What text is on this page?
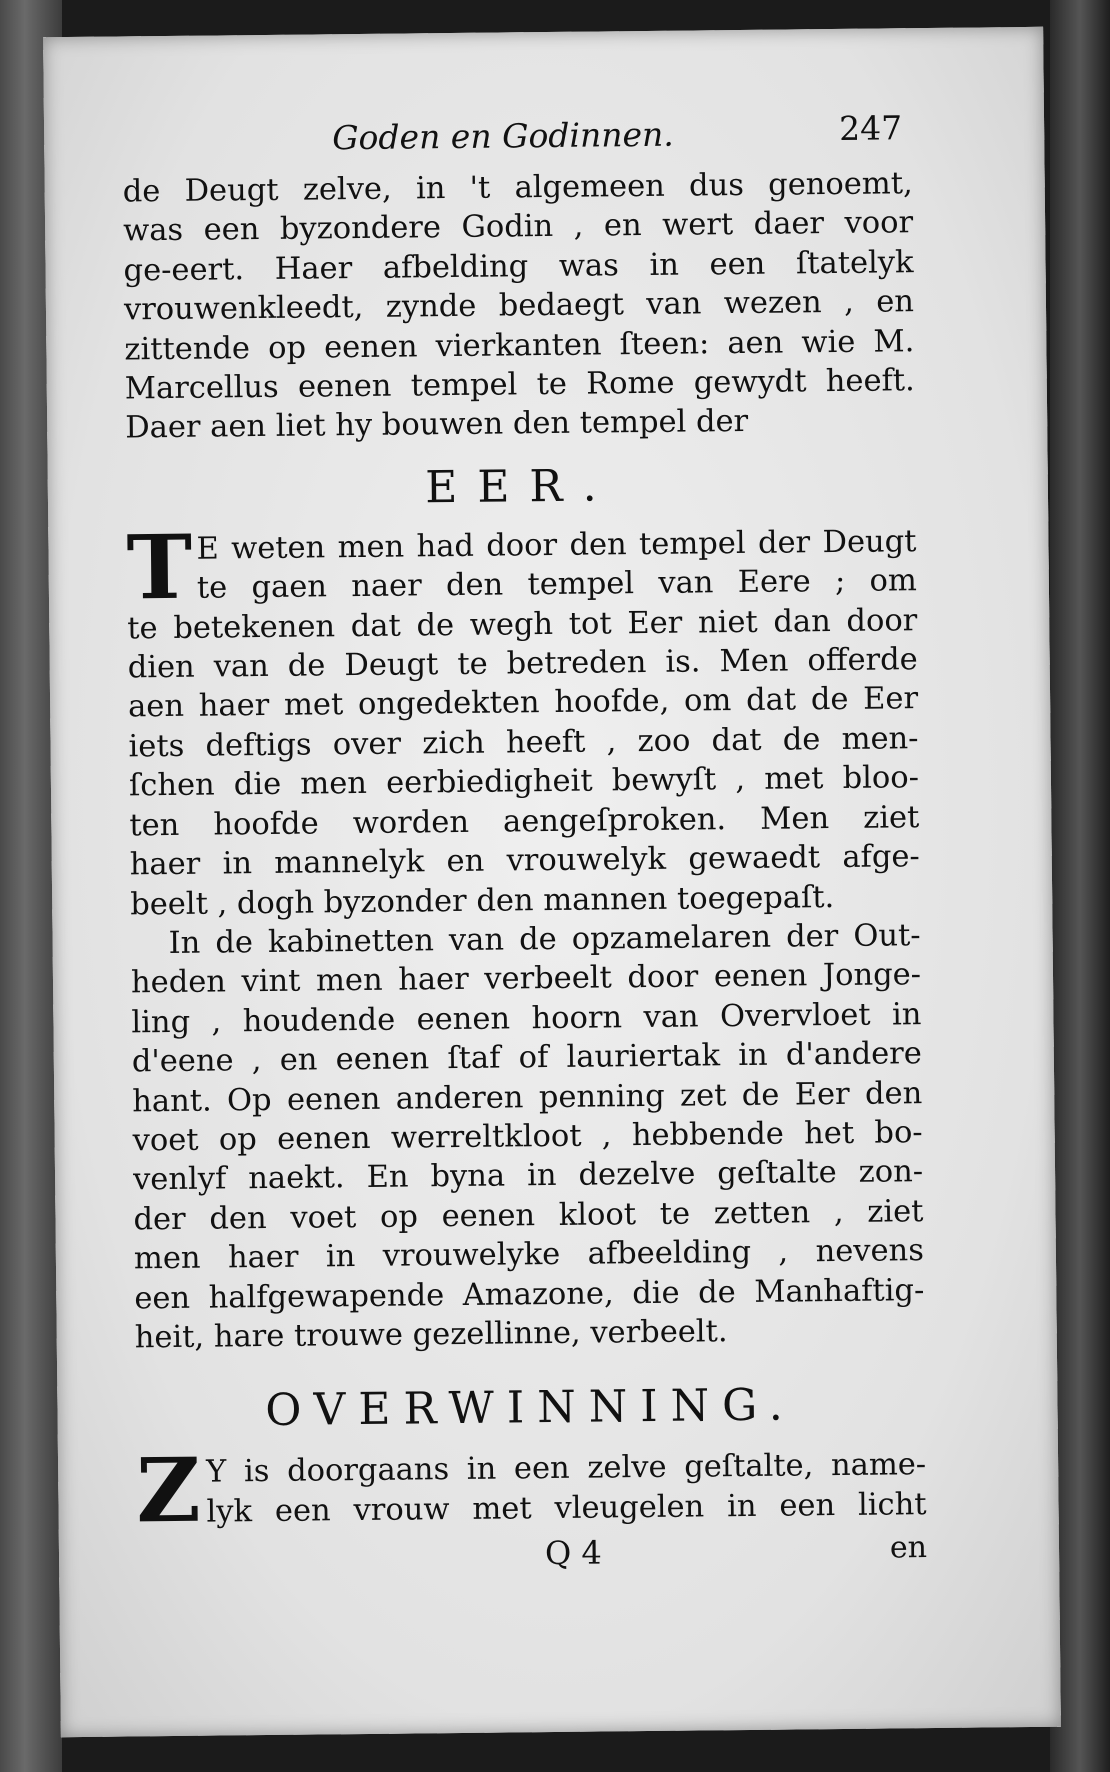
Goden en Godinnen.	247

de Deugt zelve, in 't algemeen dus genoemt,
was een byzondere Godin , en wert daer voor
ge-eert. Haer afbelding was in een ſtatelyk
vrouwenkleedt, zynde bedaegt van wezen , en
zittende op eenen vierkanten ſteen: aen wie M.
Marcellus eenen tempel te Rome gewydt heeft.
Daer aen liet hy bouwen den tempel der

EER.
T E weten men had door den tempel der Deugt
te gaen naer den tempel van Eere ; om
te betekenen dat de wegh tot Eer niet dan door
dien van de Deugt te betreden is. Men offerde
aen haer met ongedekten hoofde, om dat de Eer
iets deftigs over zich heeft , zoo dat de men-
ſchen die men eerbiedigheit bewyſt , met bloo-
ten hoofde worden aengeſproken. Men ziet
haer in mannelyk en vrouwelyk gewaedt afge-
beelt , dogh byzonder den mannen toegepaſt.
In de kabinetten van de opzamelaren der Out-
heden vint men haer verbeelt door eenen Jonge-
ling , houdende eenen hoorn van Overvloet in
d'eene , en eenen ſtaf of lauriertak in d'andere
hant. Op eenen anderen penning zet de Eer den
voet op eenen werreltkloot , hebbende het bo-
venlyf naekt. En byna in dezelve geſtalte zon-
der den voet op eenen kloot te zetten , ziet
men haer in vrouwelyke afbeelding , nevens
een halfgewapende Amazone, die de Manhaftig-
heit, hare trouwe gezellinne, verbeelt.
OVERWINNING.
Z Y is doorgaans in een zelve geſtalte, name-
lyk een vrouw met vleugelen in een licht
Q 4	en
